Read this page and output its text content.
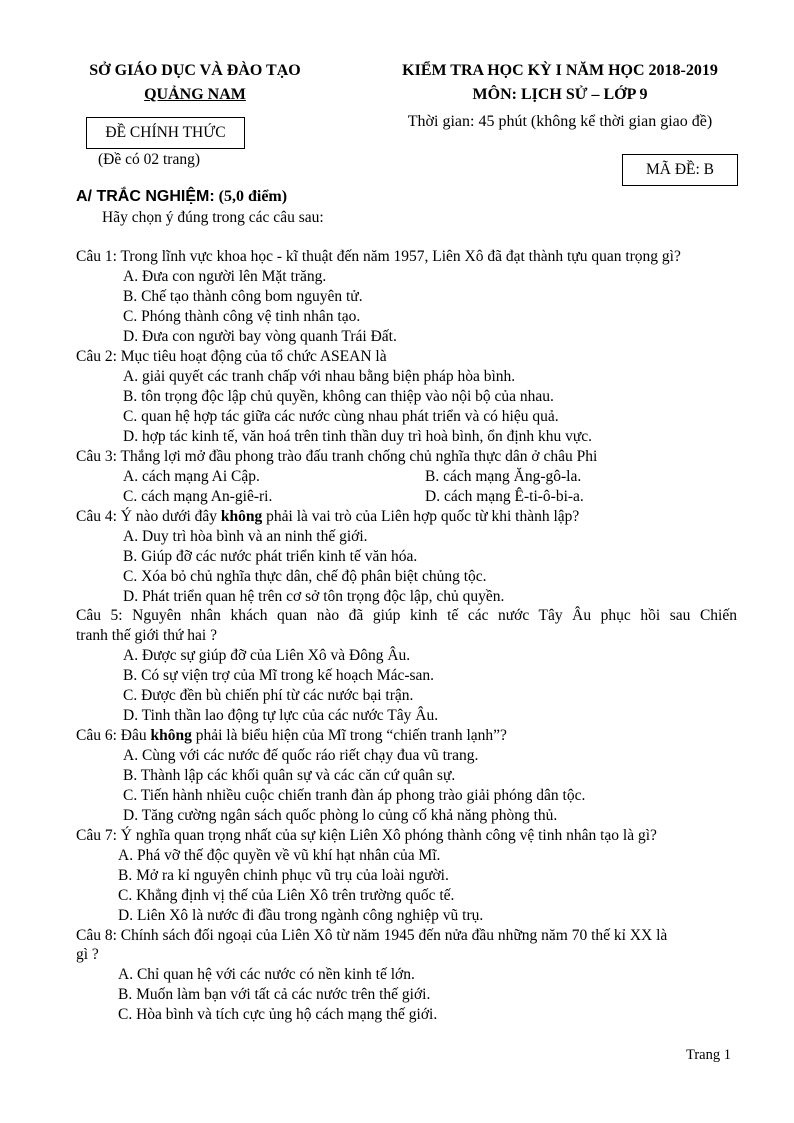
SỞ GIÁO DỤC VÀ ĐÀO TẠO
QUẢNG NAM
ĐỀ CHÍNH THỨC
(Đề có 02 trang)
KIỂM TRA HỌC KỲ I NĂM HỌC 2018-2019
MÔN: LỊCH SỬ – LỚP 9
Thời gian: 45 phút (không kể thời gian giao đề)
MÃ ĐỀ: B
A/ TRẮC NGHIỆM: (5,0 điểm)
Hãy chọn ý đúng trong các câu sau:
Câu 1: Trong lĩnh vực khoa học - kĩ thuật đến năm 1957, Liên Xô đã đạt thành tựu quan trọng gì?
A. Đưa con người lên Mặt trăng.
B. Chế tạo thành công bom nguyên tử.
C. Phóng thành công vệ tinh nhân tạo.
D. Đưa con người bay vòng quanh Trái Đất.
Câu 2: Mục tiêu hoạt động của tổ chức ASEAN là
A. giải quyết các tranh chấp với nhau bằng biện pháp hòa bình.
B. tôn trọng độc lập chủ quyền, không can thiệp vào nội bộ của nhau.
C. quan hệ hợp tác giữa các nước cùng nhau phát triển và có hiệu quả.
D. hợp tác kinh tế, văn hoá trên tinh thần duy trì hoà bình, ổn định khu vực.
Câu 3: Thắng lợi mở đầu phong trào đấu tranh chống chủ nghĩa thực dân ở châu Phi
A. cách mạng Ai Cập.	B. cách mạng Ăng-gô-la.
C. cách mạng An-giê-ri.	D. cách mạng Ê-ti-ô-bi-a.
Câu 4: Ý nào dưới đây không phải là vai trò của Liên hợp quốc từ khi thành lập?
A. Duy trì hòa bình và an ninh thế giới.
B. Giúp đỡ các nước phát triển kinh tế văn hóa.
C. Xóa bỏ chủ nghĩa thực dân, chế độ phân biệt chủng tộc.
D. Phát triển quan hệ trên cơ sở tôn trọng độc lập, chủ quyền.
Câu 5: Nguyên nhân khách quan nào đã giúp kinh tế các nước Tây Âu phục hồi sau Chiến
tranh thế giới thứ hai ?
A. Được sự giúp đỡ của Liên Xô và Đông Âu.
B. Có sự viện trợ của Mĩ trong kế hoạch Mác-san.
C. Được đền bù chiến phí từ các nước bại trận.
D. Tinh thần lao động tự lực của các nước Tây Âu.
Câu 6: Đâu không phải là biểu hiện của Mĩ trong “chiến tranh lạnh”?
A. Cùng với các nước đế quốc ráo riết chạy đua vũ trang.
B. Thành lập các khối quân sự và các căn cứ quân sự.
C. Tiến hành nhiều cuộc chiến tranh đàn áp phong trào giải phóng dân tộc.
D. Tăng cường ngân sách quốc phòng lo củng cố khả năng phòng thủ.
Câu 7: Ý nghĩa quan trọng nhất của sự kiện Liên Xô phóng thành công vệ tinh nhân tạo là gì?
A. Phá vỡ thế độc quyền về vũ khí hạt nhân của Mĩ.
B. Mở ra kỉ nguyên chinh phục vũ trụ của loài người.
C. Khẳng định vị thế của Liên Xô trên trường quốc tế.
D. Liên Xô là nước đi đầu trong ngành công nghiệp vũ trụ.
Câu 8: Chính sách đối ngoại của Liên Xô từ năm 1945 đến nửa đầu những năm 70 thế kỉ XX là
gì ?
A. Chỉ quan hệ với các nước có nền kinh tế lớn.
B. Muốn làm bạn với tất cả các nước trên thế giới.
C. Hòa bình và tích cực ủng hộ cách mạng thế giới.
Trang 1
